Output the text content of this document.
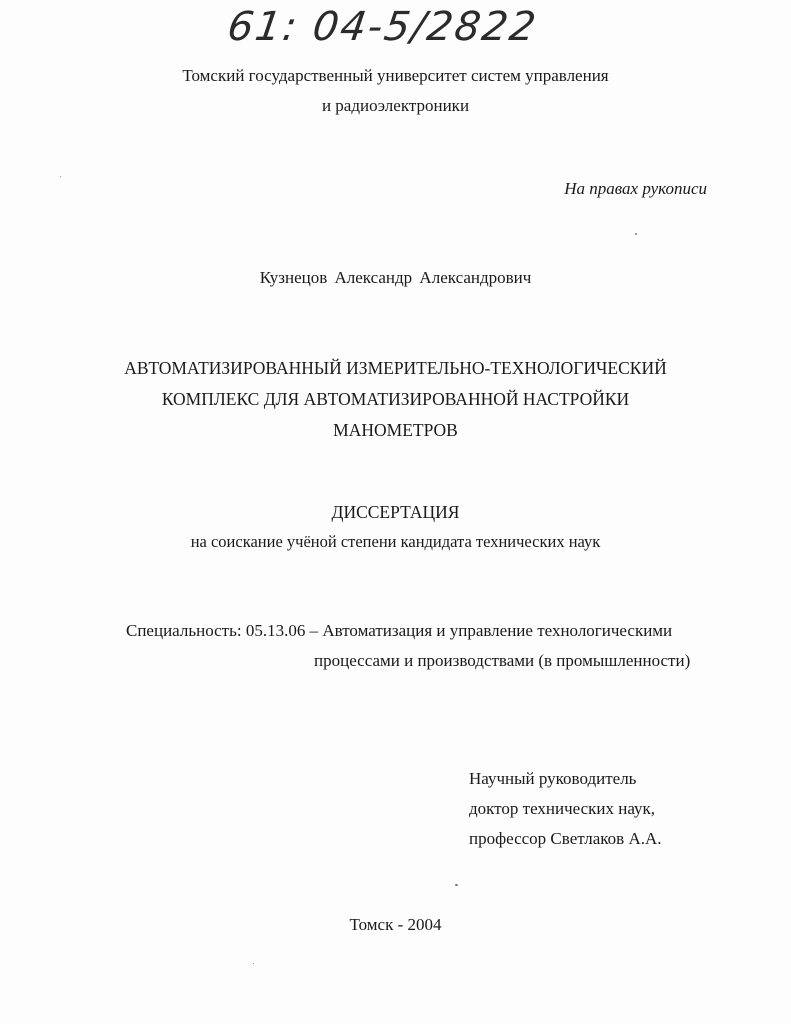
61: 04-5/2822
Томский государственный университет систем управления
и радиоэлектроники
На правах рукописи
Кузнецов Александр Александрович
АВТОМАТИЗИРОВАННЫЙ ИЗМЕРИТЕЛЬНО-ТЕХНОЛОГИЧЕСКИЙ
КОМПЛЕКС ДЛЯ АВТОМАТИЗИРОВАННОЙ НАСТРОЙКИ
МАНОМЕТРОВ
ДИССЕРТАЦИЯ
на соискание учёной степени кандидата технических наук
Специальность: 05.13.06 – Автоматизация и управление технологическими
процессами и производствами (в промышленности)
Научный руководитель
доктор технических наук,
профессор Светлаков А.А.
Томск - 2004
